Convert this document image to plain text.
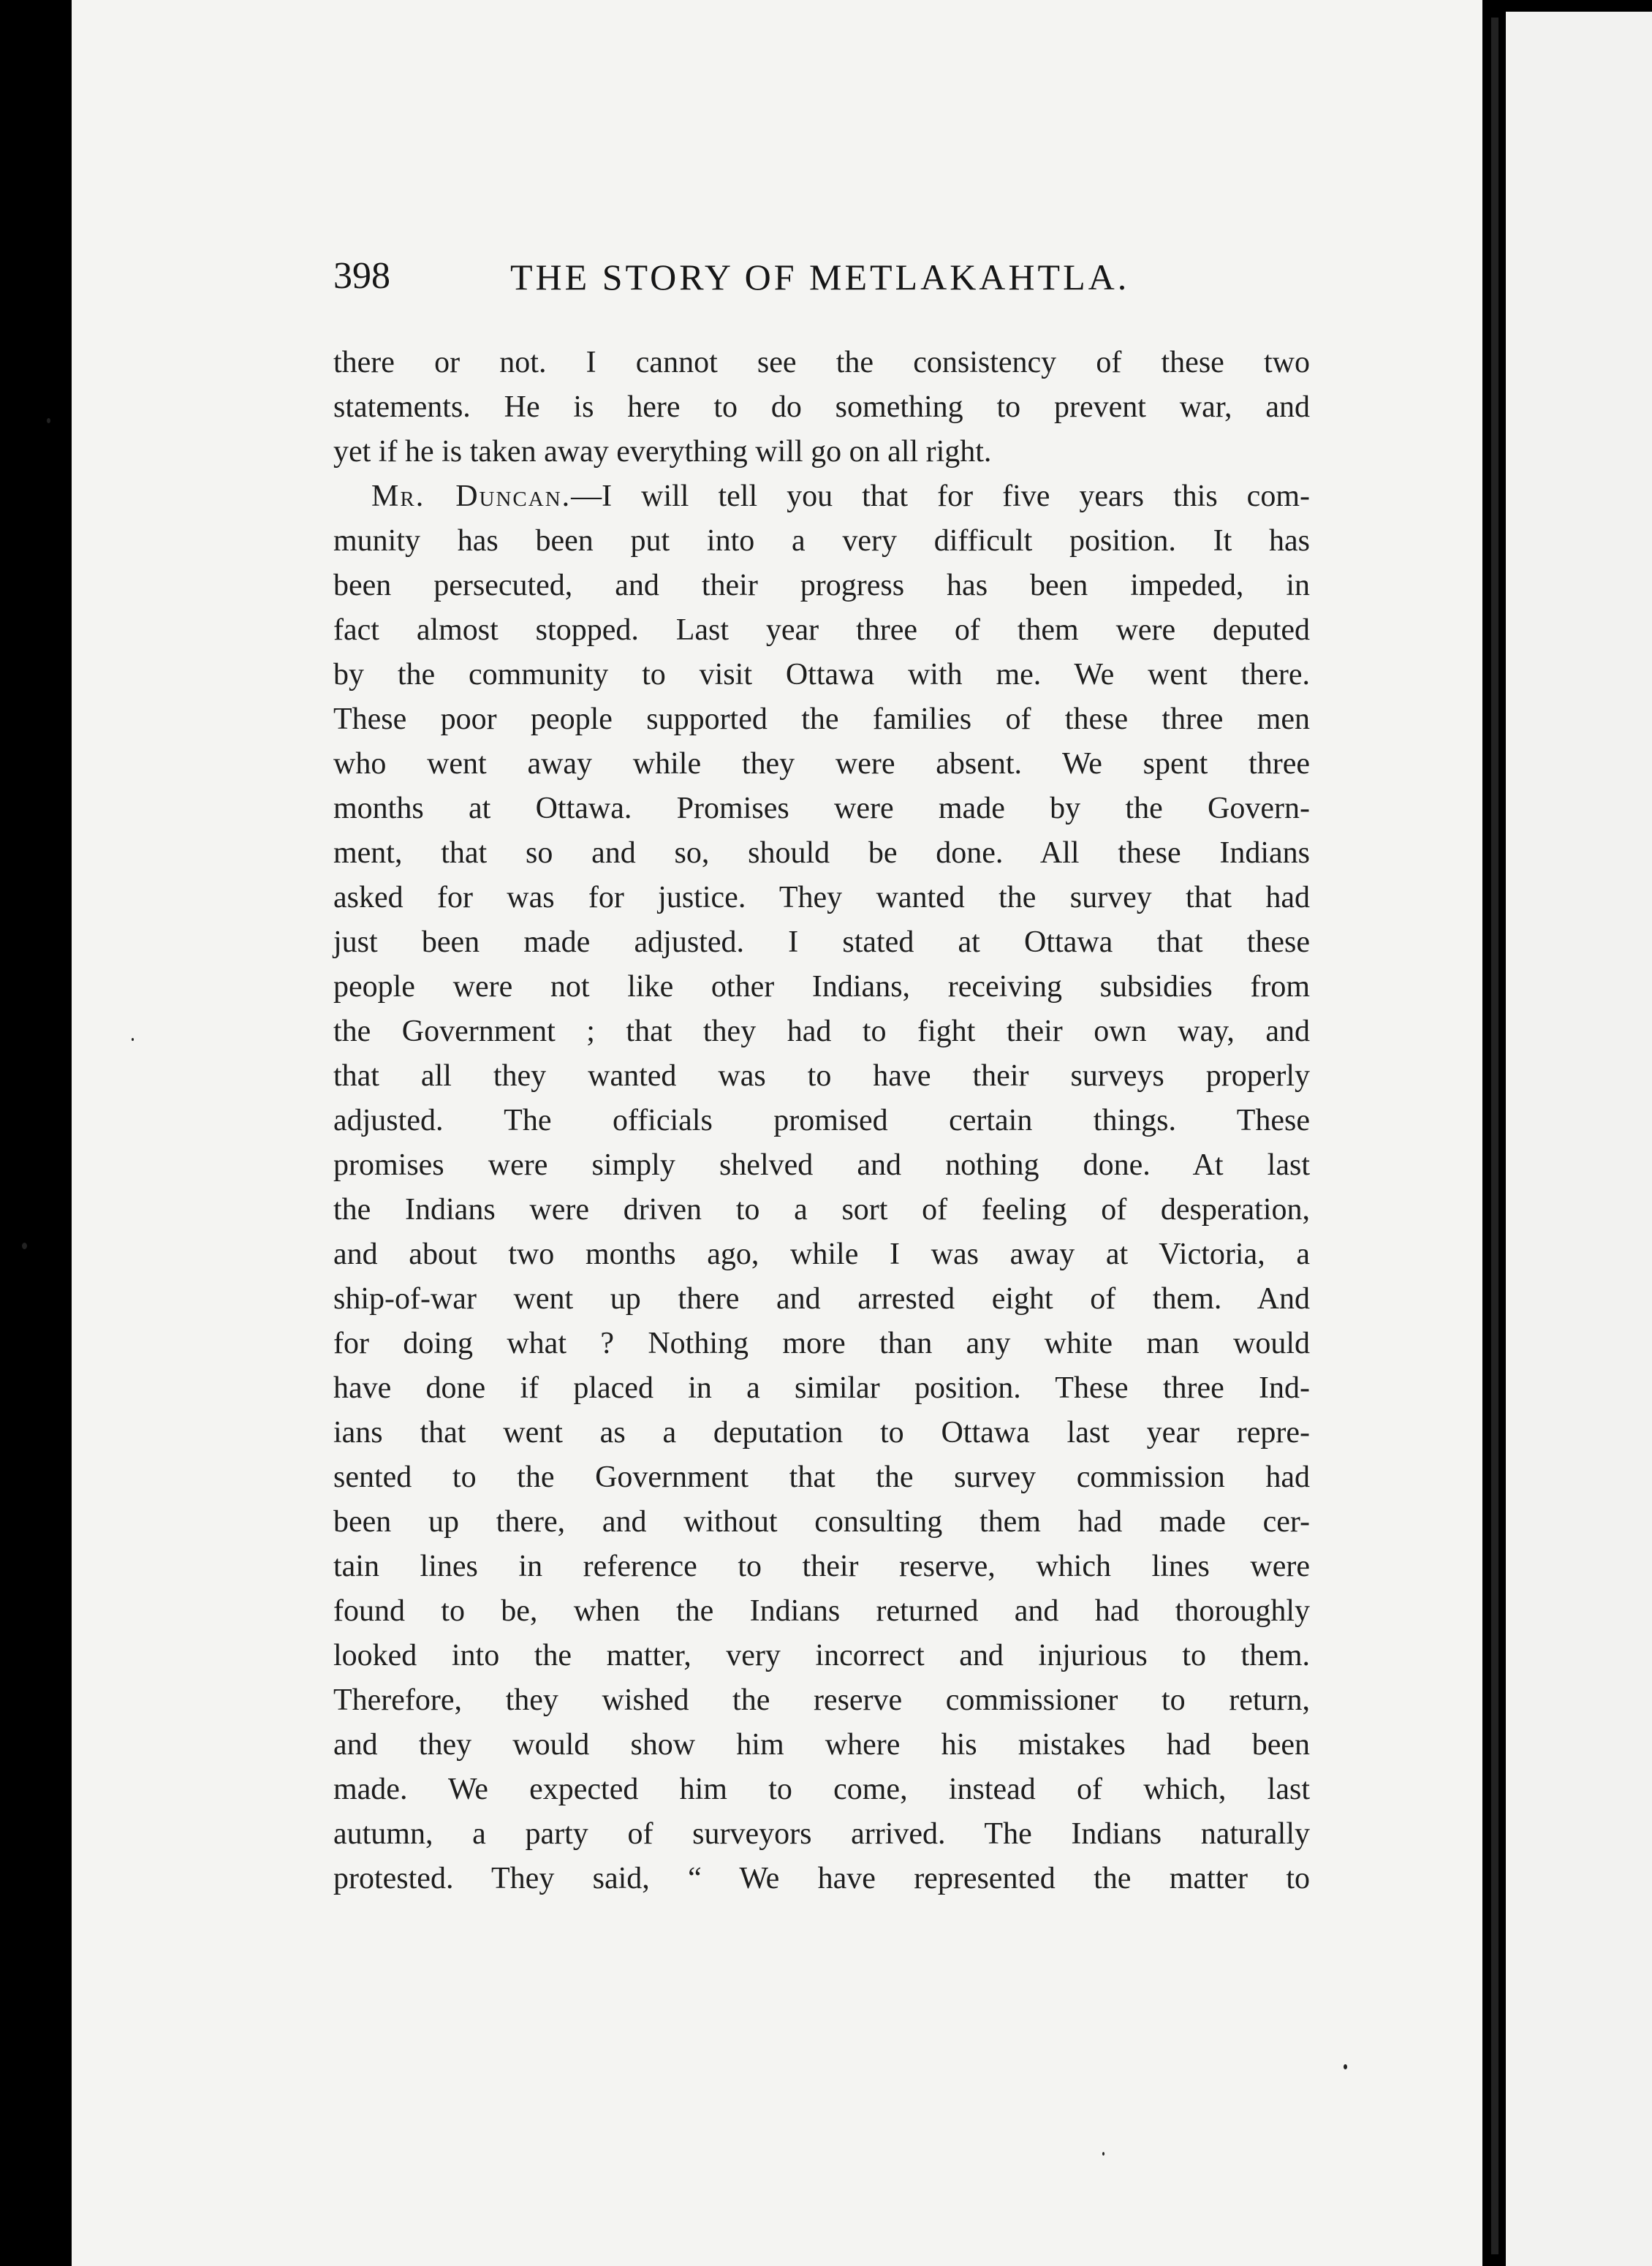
398	THE STORY OF METLAKAHTLA.
there or not. I cannot see the consistency of these two
statements. He is here to do something to prevent war, and
yet if he is taken away everything will go on all right.
Mr. Duncan.—I will tell you that for five years this com-
munity has been put into a very difficult position. It has
been persecuted, and their progress has been impeded, in
fact almost stopped. Last year three of them were deputed
by the community to visit Ottawa with me. We went there.
These poor people supported the families of these three men
who went away while they were absent. We spent three
months at Ottawa. Promises were made by the Govern-
ment, that so and so, should be done. All these Indians
asked for was for justice. They wanted the survey that had
just been made adjusted. I stated at Ottawa that these
people were not like other Indians, receiving subsidies from
the Government ; that they had to fight their own way, and
that all they wanted was to have their surveys properly
adjusted. The officials promised certain things. These
promises were simply shelved and nothing done. At last
the Indians were driven to a sort of feeling of desperation,
and about two months ago, while I was away at Victoria, a
ship-of-war went up there and arrested eight of them. And
for doing what ? Nothing more than any white man would
have done if placed in a similar position. These three Ind-
ians that went as a deputation to Ottawa last year repre-
sented to the Government that the survey commission had
been up there, and without consulting them had made cer-
tain lines in reference to their reserve, which lines were
found to be, when the Indians returned and had thoroughly
looked into the matter, very incorrect and injurious to them.
Therefore, they wished the reserve commissioner to return,
and they would show him where his mistakes had been
made. We expected him to come, instead of which, last
autumn, a party of surveyors arrived. The Indians naturally
protested. They said, “ We have represented the matter to
